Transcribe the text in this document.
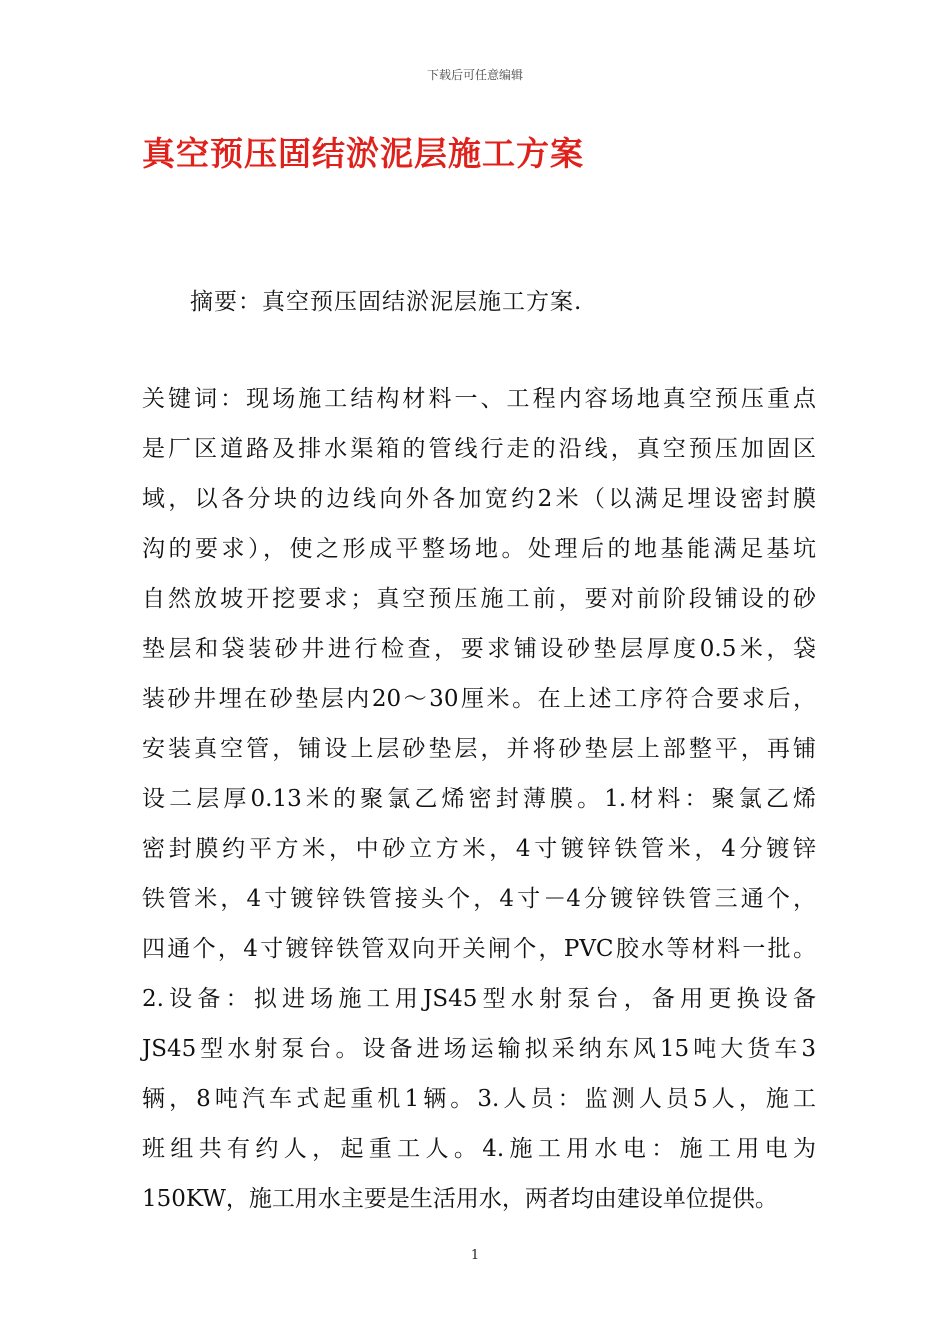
下载后可任意编辑
真空预压固结淤泥层施工方案

摘要：真空预压固结淤泥层施工方案.

关键词：现场施工结构材料一、工程内容场地真空预压重点
是厂区道路及排水渠箱的管线行走的沿线，真空预压加固区
域，以各分块的边线向外各加宽约2米（以满足埋设密封膜
沟的要求），使之形成平整场地。处理后的地基能满足基坑
自然放坡开挖要求；真空预压施工前，要对前阶段铺设的砂
垫层和袋装砂井进行检查，要求铺设砂垫层厚度0.5米，袋
装砂井埋在砂垫层内20～30厘米。在上述工序符合要求后，
安装真空管，铺设上层砂垫层，并将砂垫层上部整平，再铺
设二层厚0.13米的聚氯乙烯密封薄膜。1.材料：聚氯乙烯
密封膜约平方米，中砂立方米，4寸镀锌铁管米，4分镀锌
铁管米，4寸镀锌铁管接头个，4寸－4分镀锌铁管三通个，
四通个，4寸镀锌铁管双向开关闸个，PVC胶水等材料一批。
2.设备：拟进场施工用JS45型水射泵台，备用更换设备
JS45型水射泵台。设备进场运输拟采纳东风15吨大货车3
辆，8吨汽车式起重机1辆。3.人员：监测人员5人，施工
班组共有约人，起重工人。4.施工用水电：施工用电为
150KW，施工用水主要是生活用水，两者均由建设单位提供。
1
